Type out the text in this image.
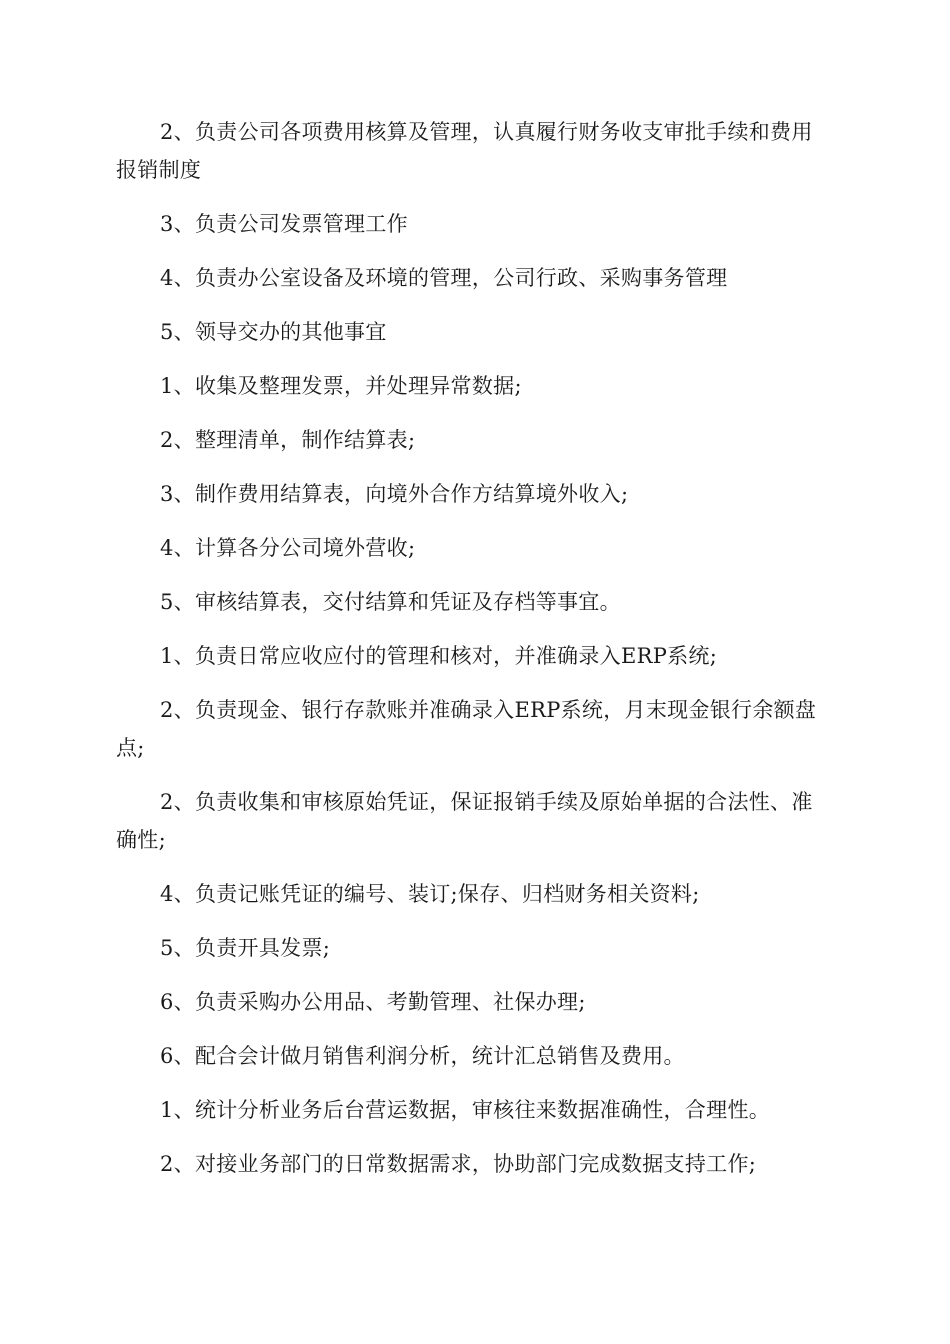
2、负责公司各项费用核算及管理，认真履行财务收支审批手续和费用报销制度

3、负责公司发票管理工作

4、负责办公室设备及环境的管理，公司行政、采购事务管理

5、领导交办的其他事宜

1、收集及整理发票，并处理异常数据;

2、整理清单，制作结算表;

3、制作费用结算表，向境外合作方结算境外收入;

4、计算各分公司境外营收;

5、审核结算表，交付结算和凭证及存档等事宜。

1、负责日常应收应付的管理和核对，并准确录入ERP系统;

2、负责现金、银行存款账并准确录入ERP系统，月末现金银行余额盘点;

2、负责收集和审核原始凭证，保证报销手续及原始单据的合法性、准确性;

4、负责记账凭证的编号、装订;保存、归档财务相关资料;

5、负责开具发票;

6、负责采购办公用品、考勤管理、社保办理;

6、配合会计做月销售利润分析，统计汇总销售及费用。

1、统计分析业务后台营运数据，审核往来数据准确性，合理性。

2、对接业务部门的日常数据需求，协助部门完成数据支持工作;
